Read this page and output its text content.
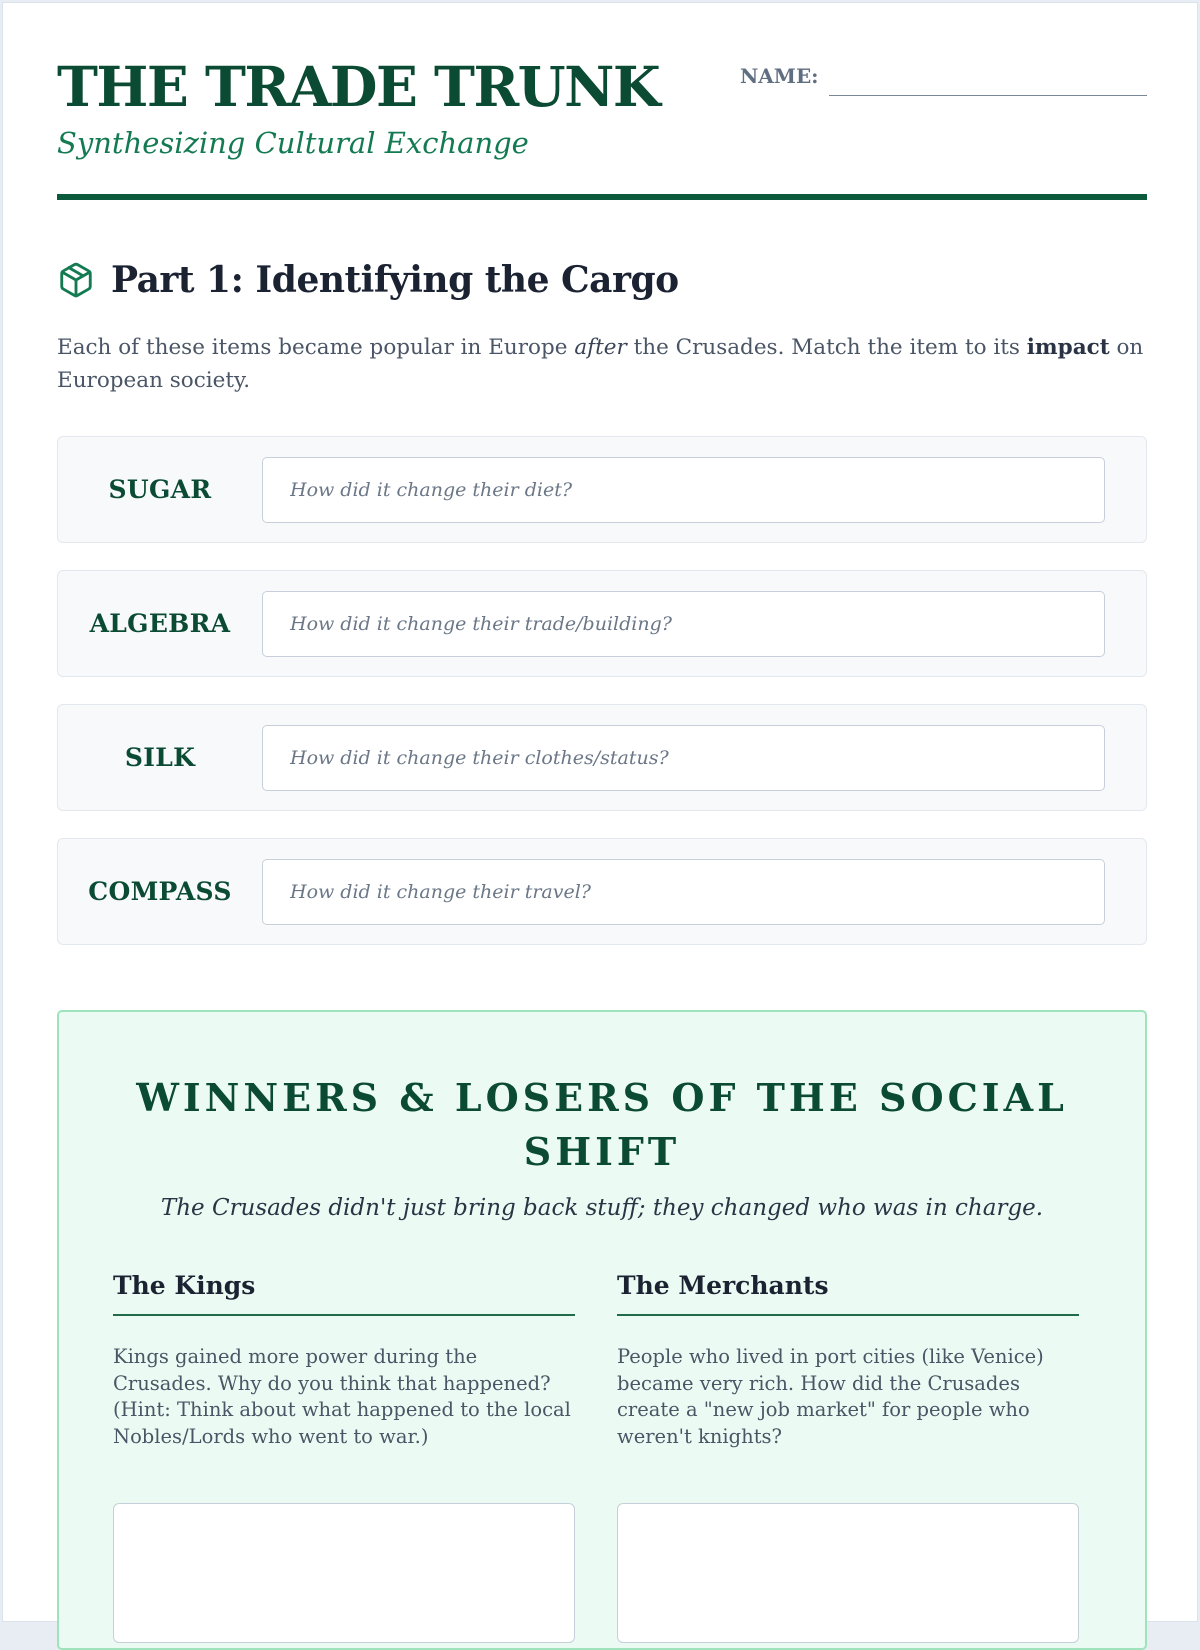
THE TRADE TRUNK
Synthesizing Cultural Exchange
NAME:
Part 1: Identifying the Cargo

Each of these items became popular in Europe after the Crusades. Match the item to its impact on European society.

SUGAR
How did it change their diet?
ALGEBRA
How did it change their trade/building?
SILK
How did it change their clothes/status?
COMPASS
How did it change their travel?
WINNERS & LOSERS OF THE SOCIAL SHIFT

The Crusades didn't just bring back stuff; they changed who was in charge.

The Kings

Kings gained more power during the Crusades. Why do you think that happened? (Hint: Think about what happened to the local Nobles/Lords who went to war.)

The Merchants

People who lived in port cities (like Venice) became very rich. How did the Crusades create a "new job market" for people who weren't knights?
